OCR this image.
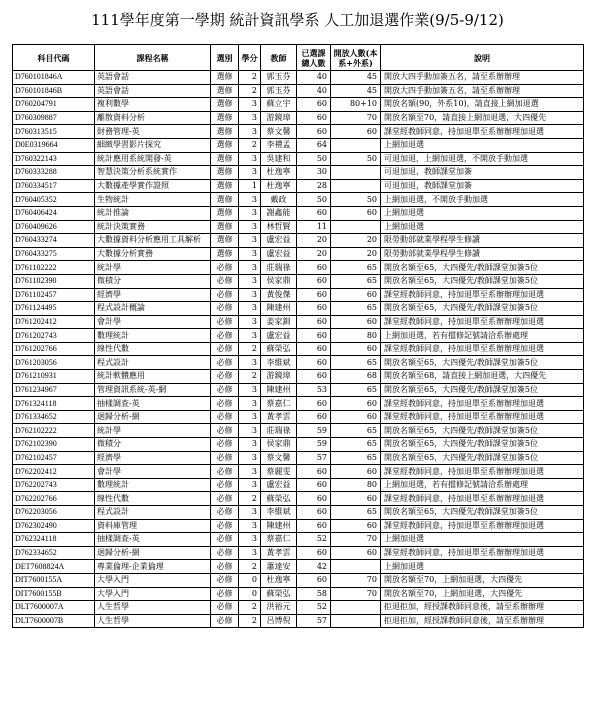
111學年度第一學期 統計資訊學系 人工加退選作業(9/5-9/12)
科目代碼	課程名稱	選別	學分	教師	已選課總人數	開放人數(本系+外系)	說明
D760101846A	英語會話	選修	2	郭玉芬	40	45	開放大四手動加簽五名，請至系辦辦理
D760101846B	英語會話	選修	2	郭玉芬	40	45	開放大四手動加簽五名，請至系辦辦理
D760204791	複利數學	選修	3	蘇立宇	60	80+10	開放名額(90，外系10)，請直接上網加退選
D760309887	離散資料分析	選修	3	游鏡璋	60	70	開放名額至70，請直接上網加退選，大四優先
D760313515	財務管理-英	選修	3	蔡文馨	60	60	課堂經教師同意，持加退單至系辦辦理加退選
D0E0319664	細緻學習影片探究	選修	2	李禮孟	64		上網加退選
D760322143	統計應用系統開發-英	選修	3	吳建和	50	50	可退加退，上網加退選，不開放手動加選
D760333288	智慧決策分析系統實作	選修	3	杜逸寧	30		可退加退，教師課堂加簽
D760334517	大數據產學實作證照	選修	1	杜逸寧	28		可退加退，教師課堂加簽
D760405352	生物統計	選修	3	戴政	50	50	上網加退選，不開放手動加選
D760406424	統計推論	選修	3	謝鑫能	60	60	上網加退選
D760409626	統計決策實務	選修	3	林哲賢	11		上網加退選
D760433274	大數據資料分析應用工具解析	選修	3	盧宏益	20	20	限勞動部就業學程學生修讀
D760433275	大數據分析實務	選修	3	盧宏益	20	20	限勞動部就業學程學生修讀
D761102222	統計學	必修	3	莊瑞祿	60	65	開放名額至65，大四優先/教師課堂加簽5位
D761102390	微積分	必修	3	侯家鼎	60	65	開放名額至65，大四優先/教師課堂加簽5位
D761102457	經濟學	必修	3	黃俊傑	60	60	課堂經教師同意，持加退單至系辦辦理加退選
D761124495	程式設計概論	必修	3	陳建州	60	65	開放名額至65，大四優先/教師課堂加簽5位
D761202412	會計學	必修	3	姜家釧	60	60	課堂經教師同意，持加退單至系辦辦理加退選
D761202743	數理統計	必修	3	盧宏益	60	80	上網加退選，若有擋修記號請洽系辦處理
D761202766	線性代數	必修	2	蘇榮弘	60	60	課堂經教師同意，持加退單至系辦辦理加退選
D761203056	程式設計	必修	3	李維斌	60	65	開放名額至65，大四優先/教師課堂加簽5位
D761210931	統計軟體應用	必修	2	游鏡璋	60	68	開放名額至68，請直接上網加退選，大四優先
D761234967	管理資訊系統-英-網	必修	3	陳建州	53	65	開放名額至65，大四優先/教師課堂加簽5位
D761324118	抽樣調查-英	必修	3	蔡嘉仁	60	60	課堂經教師同意，持加退單至系辦辦理加退選
D761334652	迴歸分析-網	必修	3	黃孝雲	60	60	課堂經教師同意，持加退單至系辦辦理加退選
D762102222	統計學	必修	3	莊瑞祿	59	65	開放名額至65，大四優先/教師課堂加簽5位
D762102390	微積分	必修	3	侯家鼎	59	65	開放名額至65，大四優先/教師課堂加簽5位
D762102457	經濟學	必修	3	蔡文馨	57	65	開放名額至65，大四優先/教師課堂加簽5位
D762202412	會計學	必修	3	蔡麗雯	60	60	課堂經教師同意，持加退單至系辦辦理加退選
D762202743	數理統計	必修	3	盧宏益	60	80	上網加退選，若有擋修記號請洽系辦處理
D762202766	線性代數	必修	2	蘇榮弘	60	60	課堂經教師同意，持加退單至系辦辦理加退選
D762203056	程式設計	必修	3	李維斌	60	65	開放名額至65，大四優先/教師課堂加簽5位
D762302490	資料庫管理	必修	3	陳建州	60	60	課堂經教師同意，持加退單至系辦辦理加退選
D762324118	抽樣調查-英	必修	3	蔡嘉仁	52	70	上網加退選
D762334652	迴歸分析-網	必修	3	黃孝雲	60	60	課堂經教師同意，持加退單至系辦辦理加退選
DET7608824A	專業倫理-企業倫理	必修	2	蕭達安	42		上網加退選
DIT7600155A	大學入門	必修	0	杜逸寧	60	70	開放名額至70，上網加退選，大四優先
DIT7600155B	大學入門	必修	0	蘇榮弘	58	70	開放名額至70，上網加退選，大四優先
DLT7600007A	人生哲學	必修	2	洪裕元	52		拒退拒加，經授課教師同意後，請至系辦辦理
DLT7600007B	人生哲學	必修	2	呂博倪	57		拒退拒加，經授課教師同意後，請至系辦辦理
